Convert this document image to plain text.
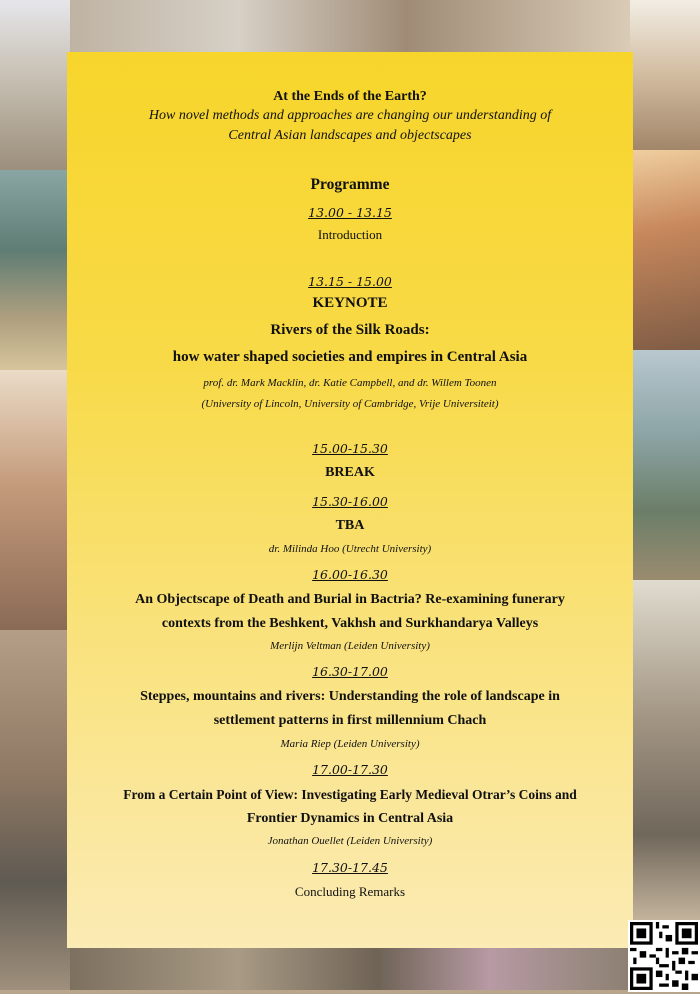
At the Ends of the Earth?
How novel methods and approaches are changing our understanding of
Central Asian landscapes and objectscapes
Programme
13.00 - 13.15
Introduction
13.15 - 15.00
KEYNOTE
Rivers of the Silk Roads:
how water shaped societies and empires in Central Asia
prof. dr. Mark Macklin, dr. Katie Campbell, and dr. Willem Toonen
(University of Lincoln, University of Cambridge, Vrije Universiteit)
15.00-15.30
BREAK
15.30-16.00
TBA
dr. Milinda Hoo (Utrecht University)
16.00-16.30
An Objectscape of Death and Burial in Bactria? Re-examining funerary
contexts from the Beshkent, Vakhsh and Surkhandarya Valleys
Merlijn Veltman (Leiden University)
16.30-17.00
Steppes, mountains and rivers: Understanding the role of landscape in
settlement patterns in first millennium Chach
Maria Riep (Leiden University)
17.00-17.30
From a Certain Point of View: Investigating Early Medieval Otrar’s Coins and
Frontier Dynamics in Central Asia
Jonathan Ouellet (Leiden University)
17.30-17.45
Concluding Remarks
